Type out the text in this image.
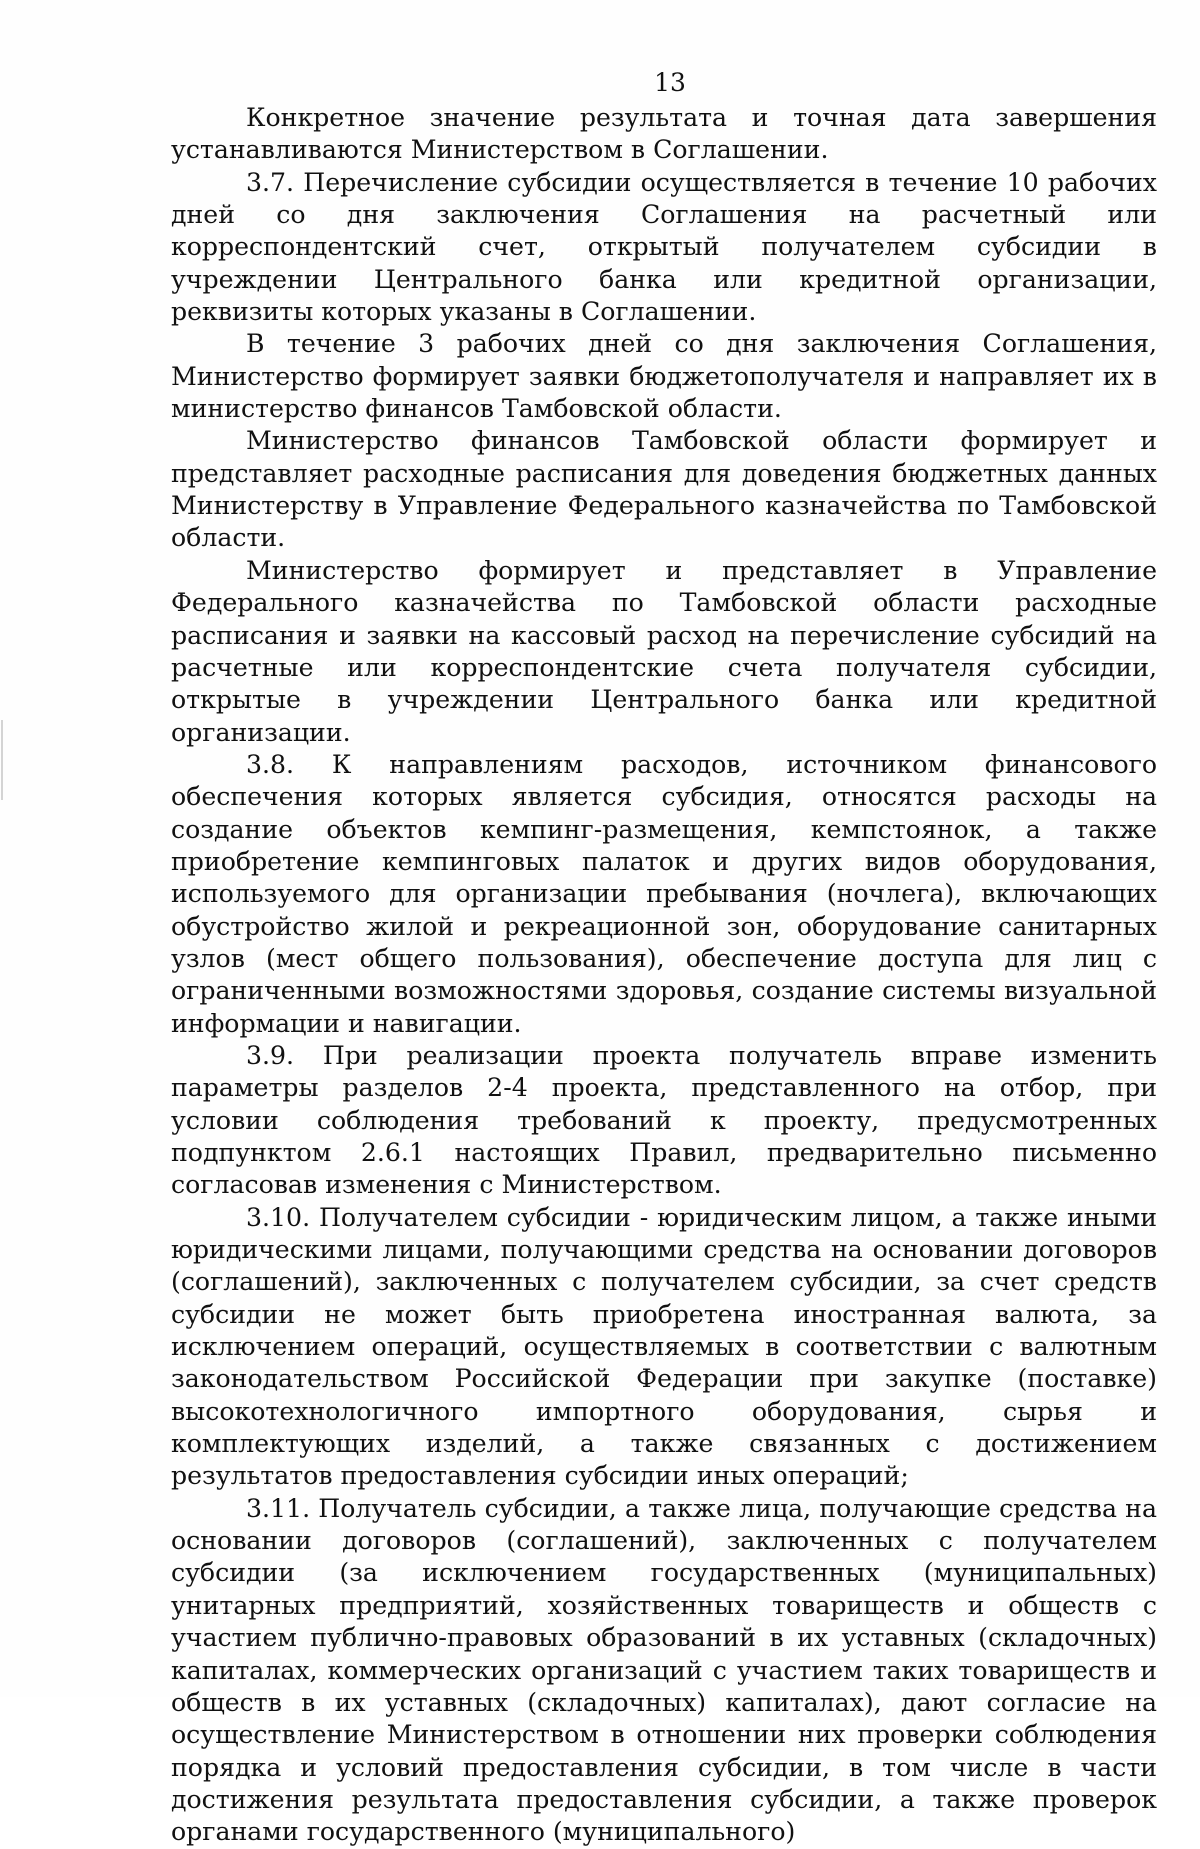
13

Конкретное значение результата и точная дата завершения устанавливаются Министерством в Соглашении.

3.7. Перечисление субсидии осуществляется в течение 10 рабочих дней со дня заключения Соглашения на расчетный или корреспондентский счет, открытый получателем субсидии в учреждении Центрального банка или кредитной организации, реквизиты которых указаны в Соглашении.

В течение 3 рабочих дней со дня заключения Соглашения, Министерство формирует заявки бюджетополучателя и направляет их в министерство финансов Тамбовской области.

Министерство финансов Тамбовской области формирует и представляет расходные расписания для доведения бюджетных данных Министерству в Управление Федерального казначейства по Тамбовской области.

Министерство формирует и представляет в Управление Федерального казначейства по Тамбовской области расходные расписания и заявки на кассовый расход на перечисление субсидий на расчетные или корреспондентские счета получателя субсидии, открытые в учреждении Центрального банка или кредитной организации.

3.8. К направлениям расходов, источником финансового обеспечения которых является субсидия, относятся расходы на создание объектов кемпинг-размещения, кемпстоянок, а также приобретение кемпинговых палаток и других видов оборудования, используемого для организации пребывания (ночлега), включающих обустройство жилой и рекреационной зон, оборудование санитарных узлов (мест общего пользования), обеспечение доступа для лиц с ограниченными возможностями здоровья, создание системы визуальной информации и навигации.

3.9. При реализации проекта получатель вправе изменить параметры разделов 2-4 проекта, представленного на отбор, при условии соблюдения требований к проекту, предусмотренных подпунктом 2.6.1 настоящих Правил, предварительно письменно согласовав изменения с Министерством.

3.10. Получателем субсидии - юридическим лицом, а также иными юридическими лицами, получающими средства на основании договоров (соглашений), заключенных с получателем субсидии, за счет средств субсидии не может быть приобретена иностранная валюта, за исключением операций, осуществляемых в соответствии с валютным законодательством Российской Федерации при закупке (поставке) высокотехнологичного импортного оборудования, сырья и комплектующих изделий, а также связанных с достижением результатов предоставления субсидии иных операций;

3.11. Получатель субсидии, а также лица, получающие средства на основании договоров (соглашений), заключенных с получателем субсидии (за исключением государственных (муниципальных) унитарных предприятий, хозяйственных товариществ и обществ с участием публично-правовых образований в их уставных (складочных) капиталах, коммерческих организаций с участием таких товариществ и обществ в их уставных (складочных) капиталах), дают согласие на осуществление Министерством в отношении них проверки соблюдения порядка и условий предоставления субсидии, в том числе в части достижения результата предоставления субсидии, а также проверок органами государственного (муниципального)
